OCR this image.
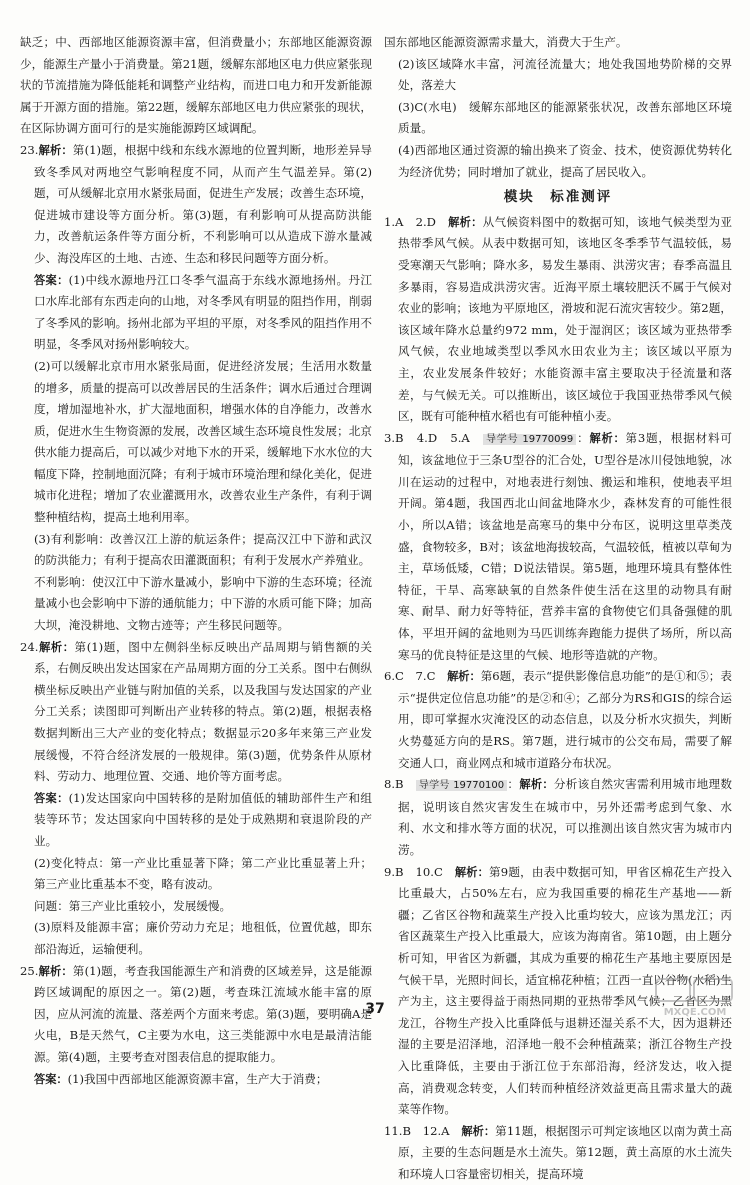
缺乏；中、西部地区能源资源丰富，但消费量小；东部地区能源资源少，能源生产量小于消费量。第21题，缓解东部地区电力供应紧张现状的节流措施为降低能耗和调整产业结构，而进口电力和开发新能源属于开源方面的措施。第22题，缓解东部地区电力供应紧张的现状，在区际协调方面可行的是实施能源跨区域调配。

23.解析：第(1)题，根据中线和东线水源地的位置判断，地形差异导致冬季风对两地空气影响程度不同，从而产生气温差异。第(2)题，可从缓解北京用水紧张局面，促进生产发展；改善生态环境，促进城市建设等方面分析。第(3)题，有利影响可从提高防洪能力，改善航运条件等方面分析，不利影响可以从造成下游水量减少、海没库区的土地、古迹、生态和移民问题等方面分析。

答案：(1)中线水源地丹江口冬季气温高于东线水源地扬州。丹江口水库北部有东西走向的山地，对冬季风有明显的阻挡作用，削弱了冬季风的影响。扬州北部为平坦的平原，对冬季风的阻挡作用不明显，冬季风对扬州影响较大。

(2)可以缓解北京市用水紧张局面，促进经济发展；生活用水数量的增多，质量的提高可以改善居民的生活条件；调水后通过合理调度，增加湿地补水，扩大湿地面积，增强水体的自净能力，改善水质，促进水生生物资源的发展，改善区域生态环境良性发展；北京供水能力提高后，可以减少对地下水的开采，缓解地下水水位的大幅度下降，控制地面沉降；有利于城市环境治理和绿化美化，促进城市化进程；增加了农业灌溉用水，改善农业生产条件，有利于调整种植结构，提高土地利用率。

(3)有利影响：改善汉江上游的航运条件；提高汉江中下游和武汉的防洪能力；有利于提高农田灌溉面积；有利于发展水产养殖业。

不利影响：使汉江中下游水量减小，影响中下游的生态环境；径流量减小也会影响中下游的通航能力；中下游的水质可能下降；加高大坝，淹没耕地、文物古迹等；产生移民问题等。

24.解析：第(1)题，图中左侧斜坐标反映出产品周期与销售额的关系，右侧反映出发达国家在产品周期方面的分工关系。图中右侧纵横坐标反映出产业链与附加值的关系，以及我国与发达国家的产业分工关系；读图即可判断出产业转移的特点。第(2)题，根据表格数据判断出三大产业的变化特点；数据显示20多年来第三产业发展缓慢，不符合经济发展的一般规律。第(3)题，优势条件从原材料、劳动力、地理位置、交通、地价等方面考虑。

答案：(1)发达国家向中国转移的是附加值低的辅助部件生产和组装等环节；发达国家向中国转移的是处于成熟期和衰退阶段的产业。

(2)变化特点：第一产业比重显著下降；第二产业比重显著上升；第三产业比重基本不变，略有波动。

问题：第三产业比重较小，发展缓慢。

(3)原料及能源丰富；廉价劳动力充足；地租低，位置优越，即东部沿海近，运输便利。

25.解析：第(1)题，考查我国能源生产和消费的区域差异，这是能源跨区域调配的原因之一。第(2)题，考查珠江流域水能丰富的原因，应从河流的流量、落差两个方面来考虑。第(3)题，要明确A是火电，B是天然气，C主要为水电，这三类能源中水电是最清洁能源。第(4)题，主要考查对图表信息的提取能力。

答案：(1)我国中西部地区能源资源丰富，生产大于消费；

国东部地区能源资源需求量大，消费大于生产。

(2)该区域降水丰富，河流径流量大；地处我国地势阶梯的交界处，落差大

(3)C(水电)　缓解东部地区的能源紧张状况，改善东部地区环境质量。

(4)西部地区通过资源的输出换来了资金、技术，使资源优势转化为经济优势；同时增加了就业，提高了居民收入。

模块　标准测评

1.A　2.D　解析：从气候资料图中的数据可知，该地气候类型为亚热带季风气候。从表中数据可知，该地区冬季季节气温较低，易受寒潮天气影响；降水多，易发生暴雨、洪涝灾害；春季高温且多暴雨，容易造成洪涝灾害。近海平原土壤较肥沃不属于气候对农业的影响；该地为平原地区，滑坡和泥石流灾害较少。第2题，该区域年降水总量约972 mm，处于湿润区；该区域为亚热带季风气候，农业地域类型以季风水田农业为主；该区域以平原为主，农业发展条件较好；水能资源丰富主要取决于径流量和落差，与气候无关。可以推断出，该区域位于我国亚热带季风气候区，既有可能种植水稻也有可能种植小麦。

3.B　4.D　5.A　导学号 19770099 ：解析：第3题，根据材料可知，该盆地位于三条U型谷的汇合处，U型谷是冰川侵蚀地貌，冰川在运动的过程中，对地表进行刻蚀、搬运和堆积，使地表平坦开阔。第4题，我国西北山间盆地降水少，森林发育的可能性很小，所以A错；该盆地是高寒马的集中分布区，说明这里草类茂盛，食物较多，B对；该盆地海拔较高，气温较低，植被以草甸为主，草场低矮，C错；D说法错误。第5题，地理环境具有整体性特征，干旱、高寒缺氧的自然条件使生活在这里的动物具有耐寒、耐旱、耐力好等特征，营养丰富的食物使它们具备强健的肌体，平坦开阔的盆地则为马匹训练奔跑能力提供了场所，所以高寒马的优良特征是这里的气候、地形等造就的产物。

6.C　7.C　解析：第6题，表示“提供影像信息功能”的是①和⑤；表示“提供定位信息功能”的是②和④；乙部分为RS和GIS的综合运用，即可掌握水灾淹没区的动态信息，以及分析水灾损失，判断火势蔓延方向的是RS。第7题，进行城市的公交布局，需要了解交通人口，商业网点和城市道路分布状况。

8.B　导学号 19770100 ：解析：分析该自然灾害需利用城市地理数据，说明该自然灾害发生在城市中，另外还需考虑到气象、水利、水文和排水等方面的状况，可以推测出该自然灾害为城市内涝。

9.B　10.C　解析：第9题，由表中数据可知，甲省区棉花生产投入比重最大，占50%左右，应为我国重要的棉花生产基地——新疆；乙省区谷物和蔬菜生产投入比重均较大，应该为黑龙江；丙省区蔬菜生产投入比重最大，应该为海南省。第10题，由上题分析可知，甲省区为新疆，其成为重要的棉花生产基地主要原因是气候干旱，光照时间长，适宜棉花种植；江西一直以谷物(水稻)生产为主，这主要得益于雨热同期的亚热带季风气候；乙省区为黑龙江，谷物生产投入比重降低与退耕还湿关系不大，因为退耕还湿的主要是沼泽地，沼泽地一般不会种植蔬菜；浙江谷物生产投入比重降低，主要由于浙江位于东部沿海，经济发达，收入提高，消费观念转变，人们转而种植经济效益更高且需求量大的蔬菜等作物。

11.B　12.A　解析：第11题，根据图示可判定该地区以南为黄土高原，主要的生态问题是水土流失。第12题，黄土高原的水土流失和环境人口容量密切相关，提高环境

37	MXQE.COM
